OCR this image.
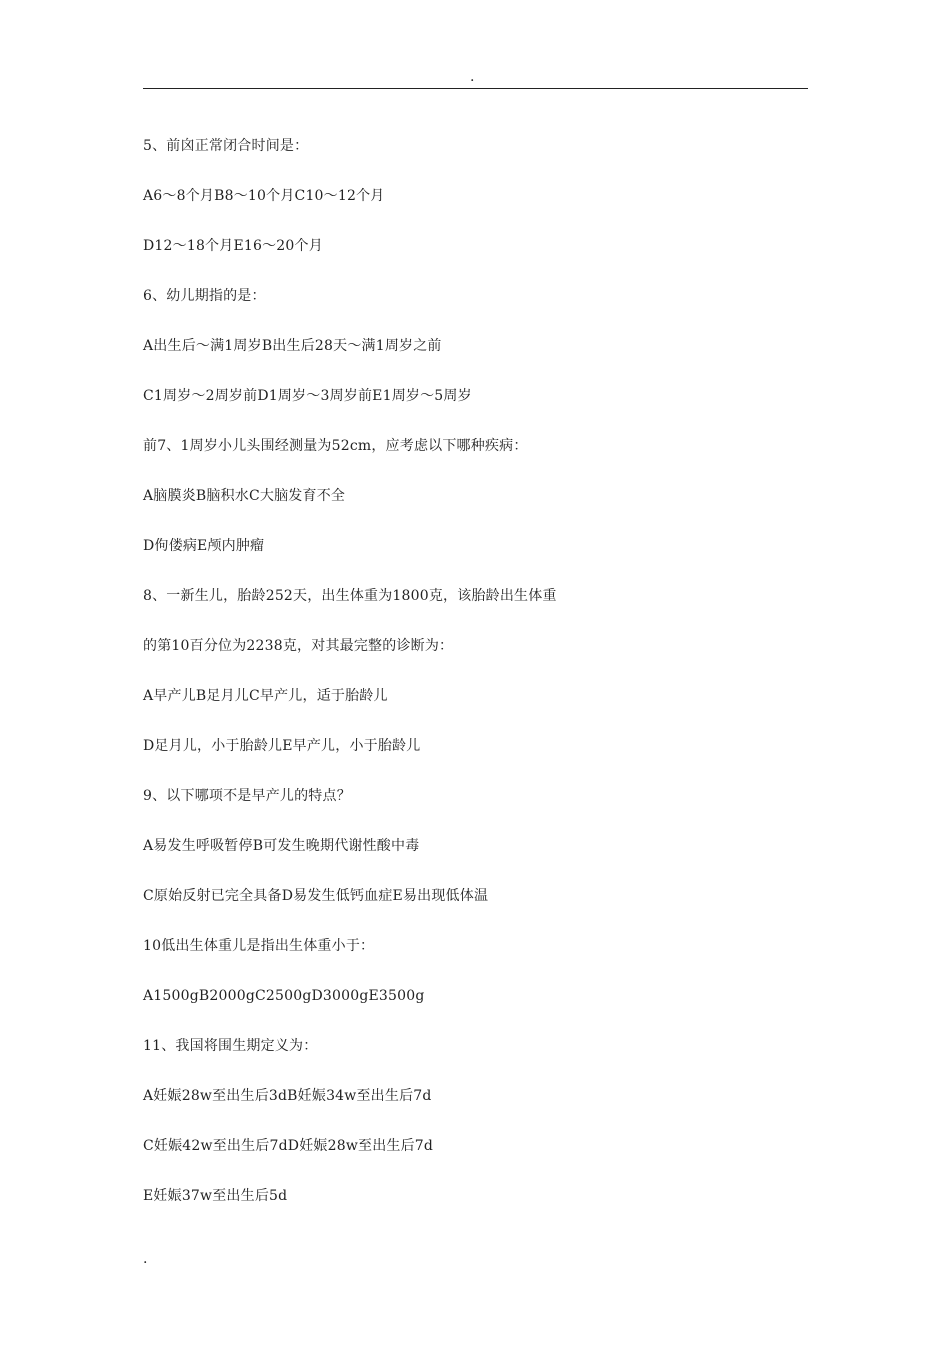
.
5、前囟正常闭合时间是：
A6～8个月B8～10个月C10～12个月
D12～18个月E16～20个月
6、幼儿期指的是：
A出生后～满1周岁B出生后28天～满1周岁之前
C1周岁～2周岁前D1周岁～3周岁前E1周岁～5周岁
前7、1周岁小儿头围经测量为52cm，应考虑以下哪种疾病：
A脑膜炎B脑积水C大脑发育不全
D佝偻病E颅内肿瘤
8、一新生儿，胎龄252天，出生体重为1800克，该胎龄出生体重
的第10百分位为2238克，对其最完整的诊断为：
A早产儿B足月儿C早产儿，适于胎龄儿
D足月儿，小于胎龄儿E早产儿，小于胎龄儿
9、以下哪项不是早产儿的特点？
A易发生呼吸暂停B可发生晚期代谢性酸中毒
C原始反射已完全具备D易发生低钙血症E易出现低体温
10低出生体重儿是指出生体重小于：
A1500gB2000gC2500gD3000gE3500g
11、我国将围生期定义为：
A妊娠28w至出生后3dB妊娠34w至出生后7d
C妊娠42w至出生后7dD妊娠28w至出生后7d
E妊娠37w至出生后5d
.
